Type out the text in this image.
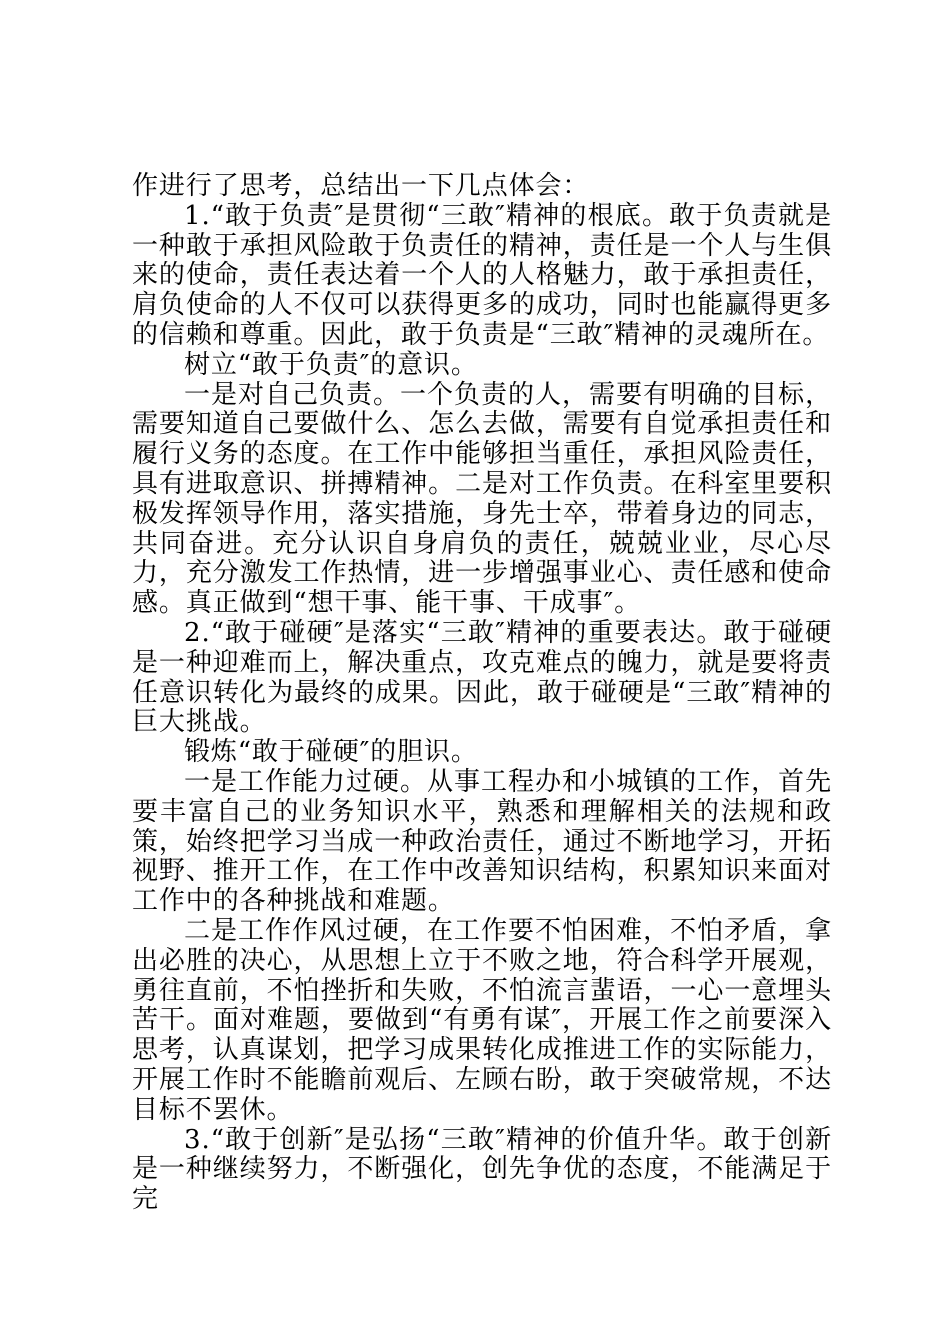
作进行了思考，总结出一下几点体会：

1.“敢于负责″是贯彻“三敢″精神的根底。敢于负责就是一种敢于承担风险敢于负责任的精神，责任是一个人与生俱来的使命，责任表达着一个人的人格魅力，敢于承担责任，肩负使命的人不仅可以获得更多的成功，同时也能赢得更多的信赖和尊重。因此，敢于负责是“三敢″精神的灵魂所在。

树立“敢于负责″的意识。

一是对自己负责。一个负责的人，需要有明确的目标，需要知道自己要做什么、怎么去做，需要有自觉承担责任和履行义务的态度。在工作中能够担当重任，承担风险责任，具有进取意识、拼搏精神。二是对工作负责。在科室里要积极发挥领导作用，落实措施，身先士卒，带着身边的同志，共同奋进。充分认识自身肩负的责任，兢兢业业，尽心尽力，充分激发工作热情，进一步增强事业心、责任感和使命感。真正做到“想干事、能干事、干成事″。

2.“敢于碰硬″是落实“三敢″精神的重要表达。敢于碰硬是一种迎难而上，解决重点，攻克难点的魄力，就是要将责任意识转化为最终的成果。因此，敢于碰硬是“三敢″精神的巨大挑战。

锻炼“敢于碰硬″的胆识。

一是工作能力过硬。从事工程办和小城镇的工作，首先要丰富自己的业务知识水平，熟悉和理解相关的法规和政策，始终把学习当成一种政治责任，通过不断地学习，开拓视野、推开工作，在工作中改善知识结构，积累知识来面对工作中的各种挑战和难题。

二是工作作风过硬，在工作要不怕困难，不怕矛盾，拿出必胜的决心，从思想上立于不败之地，符合科学开展观，勇往直前，不怕挫折和失败，不怕流言蜚语，一心一意埋头苦干。面对难题，要做到“有勇有谋″，开展工作之前要深入思考，认真谋划，把学习成果转化成推进工作的实际能力，开展工作时不能瞻前观后、左顾右盼，敢于突破常规，不达目标不罢休。

3.“敢于创新″是弘扬“三敢″精神的价值升华。敢于创新是一种继续努力，不断强化，创先争优的态度，不能满足于完
